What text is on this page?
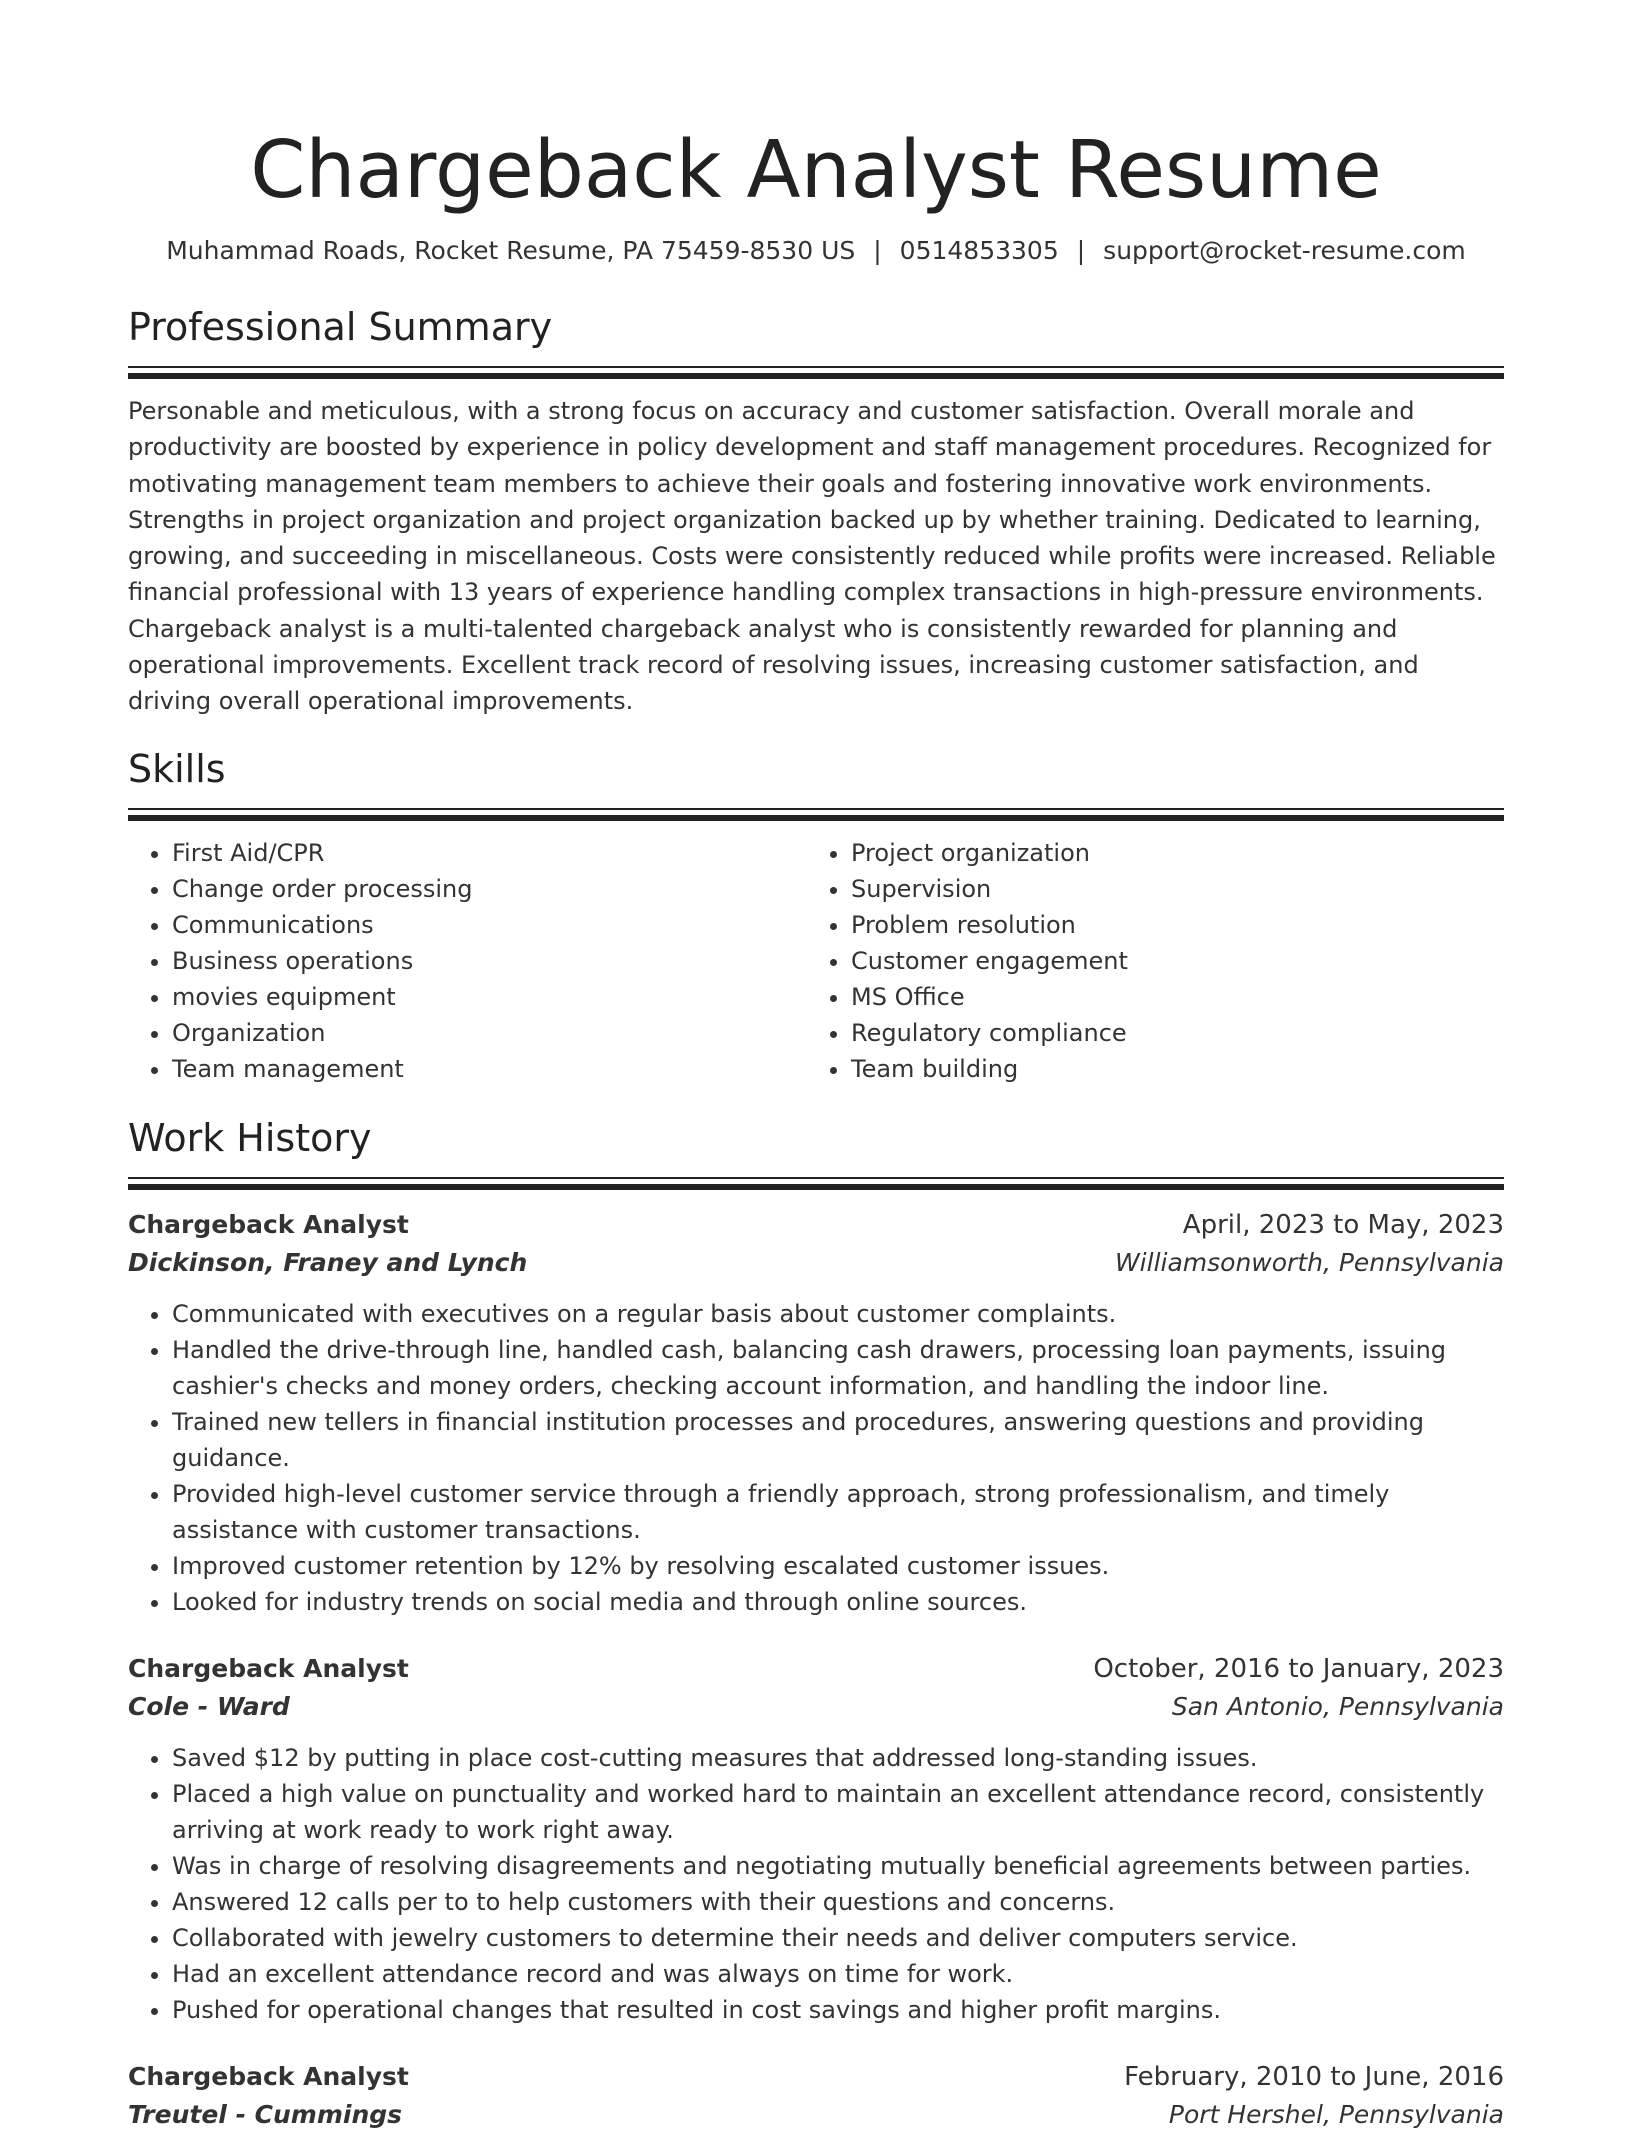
Chargeback Analyst Resume
Muhammad Roads, Rocket Resume, PA 75459-8530 US | 0514853305 | support@rocket-resume.com
Professional Summary
Personable and meticulous, with a strong focus on accuracy and customer satisfaction. Overall morale and productivity are boosted by experience in policy development and staff management procedures. Recognized for motivating management team members to achieve their goals and fostering innovative work environments. Strengths in project organization and project organization backed up by whether training. Dedicated to learning, growing, and succeeding in miscellaneous. Costs were consistently reduced while profits were increased. Reliable financial professional with 13 years of experience handling complex transactions in high-pressure environments. Chargeback analyst is a multi-talented chargeback analyst who is consistently rewarded for planning and operational improvements. Excellent track record of resolving issues, increasing customer satisfaction, and driving overall operational improvements.
Skills
• First Aid/CPR
• Change order processing
• Communications
• Business operations
• movies equipment
• Organization
• Team management
• Project organization
• Supervision
• Problem resolution
• Customer engagement
• MS Office
• Regulatory compliance
• Team building
Work History
Chargeback Analyst	April, 2023 to May, 2023
Dickinson, Franey and Lynch	Williamsonworth, Pennsylvania
• Communicated with executives on a regular basis about customer complaints.
• Handled the drive-through line, handled cash, balancing cash drawers, processing loan payments, issuing cashier's checks and money orders, checking account information, and handling the indoor line.
• Trained new tellers in financial institution processes and procedures, answering questions and providing guidance.
• Provided high-level customer service through a friendly approach, strong professionalism, and timely assistance with customer transactions.
• Improved customer retention by 12% by resolving escalated customer issues.
• Looked for industry trends on social media and through online sources.
Chargeback Analyst	October, 2016 to January, 2023
Cole - Ward	San Antonio, Pennsylvania
• Saved $12 by putting in place cost-cutting measures that addressed long-standing issues.
• Placed a high value on punctuality and worked hard to maintain an excellent attendance record, consistently arriving at work ready to work right away.
• Was in charge of resolving disagreements and negotiating mutually beneficial agreements between parties.
• Answered 12 calls per to to help customers with their questions and concerns.
• Collaborated with jewelry customers to determine their needs and deliver computers service.
• Had an excellent attendance record and was always on time for work.
• Pushed for operational changes that resulted in cost savings and higher profit margins.
Chargeback Analyst	February, 2010 to June, 2016
Treutel - Cummings	Port Hershel, Pennsylvania
